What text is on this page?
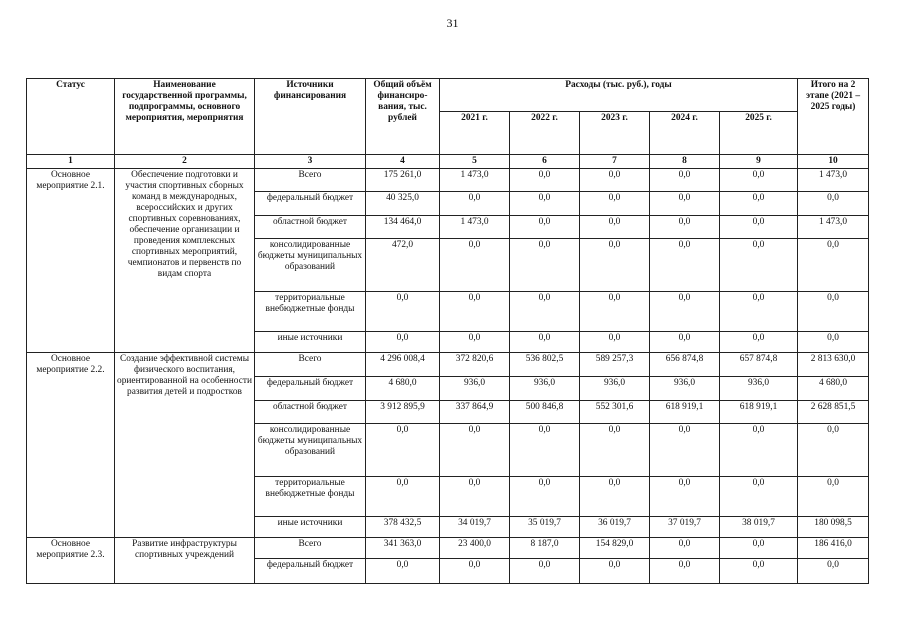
31
Статус	Наименование государственной программы, подпрограммы, основного мероприятия, мероприятия	Источники финансирования	Общий объём финансиро-вания, тыс. рублей	Расходы (тыс. руб.), годы					Итого на 2 этапе (2021 – 2025 годы)
				2021 г.	2022 г.	2023 г.	2024 г.	2025 г.	
1	2	3	4	5	6	7	8	9	10
Основное мероприятие 2.1.	Обеспечение подготовки и участия спортивных сборных команд в международных, всероссийских и других спортивных соревнованиях, обеспечение организации и проведения комплексных спортивных мероприятий, чемпионатов и первенств по видам спорта	Всего	175 261,0	1 473,0	0,0	0,0	0,0	0,0	1 473,0
		федеральный бюджет	40 325,0	0,0	0,0	0,0	0,0	0,0	0,0
		областной бюджет	134 464,0	1 473,0	0,0	0,0	0,0	0,0	1 473,0
		консолидированные бюджеты муниципальных образований	472,0	0,0	0,0	0,0	0,0	0,0	0,0
		территориальные внебюджетные фонды	0,0	0,0	0,0	0,0	0,0	0,0	0,0
		иные источники	0,0	0,0	0,0	0,0	0,0	0,0	0,0
Основное мероприятие 2.2.	Создание эффективной системы физического воспитания, ориентированной на особенности развития детей и подростков	Всего	4 296 008,4	372 820,6	536 802,5	589 257,3	656 874,8	657 874,8	2 813 630,0
		федеральный бюджет	4 680,0	936,0	936,0	936,0	936,0	936,0	4 680,0
		областной бюджет	3 912 895,9	337 864,9	500 846,8	552 301,6	618 919,1	618 919,1	2 628 851,5
		консолидированные бюджеты муниципальных образований	0,0	0,0	0,0	0,0	0,0	0,0	0,0
		территориальные внебюджетные фонды	0,0	0,0	0,0	0,0	0,0	0,0	0,0
		иные источники	378 432,5	34 019,7	35 019,7	36 019,7	37 019,7	38 019,7	180 098,5
Основное мероприятие 2.3.	Развитие инфраструктуры спортивных учреждений	Всего	341 363,0	23 400,0	8 187,0	154 829,0	0,0	0,0	186 416,0
		федеральный бюджет	0,0	0,0	0,0	0,0	0,0	0,0	0,0
